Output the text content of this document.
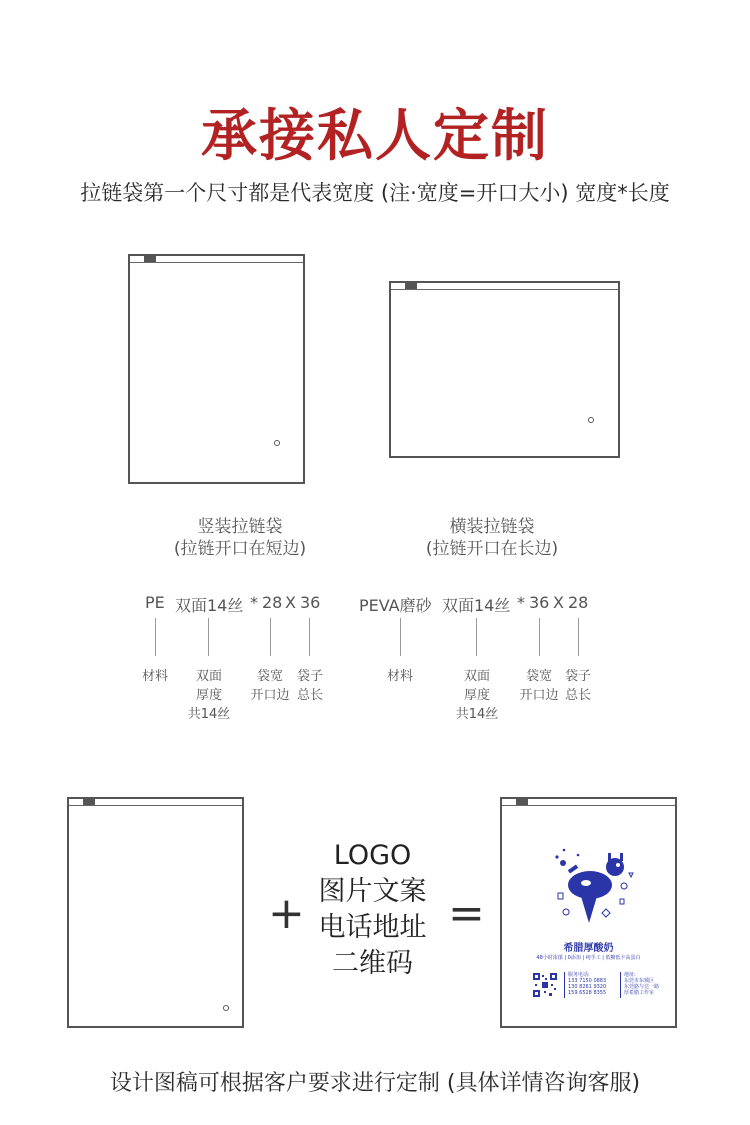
承接私人定制
拉链袋第一个尺寸都是代表宽度 (注·宽度=开口大小) 宽度*长度
竖装拉链袋
(拉链开口在短边)
横装拉链袋
(拉链开口在长边)
PE 双面14丝 * 28 X 36
材料	双面
厚度
共14丝
袋宽
开口边
袋子
总长
PEVA磨砂 双面14丝 * 36 X 28
材料	双面
厚度
共14丝
袋宽
开口边
袋子
总长
+
LOGO
图片文案
电话地址
二维码
=
希腊厚酸奶
48小时浓郁 | 0添加 | 纯手工 | 低糖低卡高蛋白
服务电话:
133 7150 0883
130 8261 9320
159 6528 8355
地址:
东莞市东城区
东莞路与达一路
厚希腊工作室
设计图稿可根据客户要求进行定制 (具体详情咨询客服)
